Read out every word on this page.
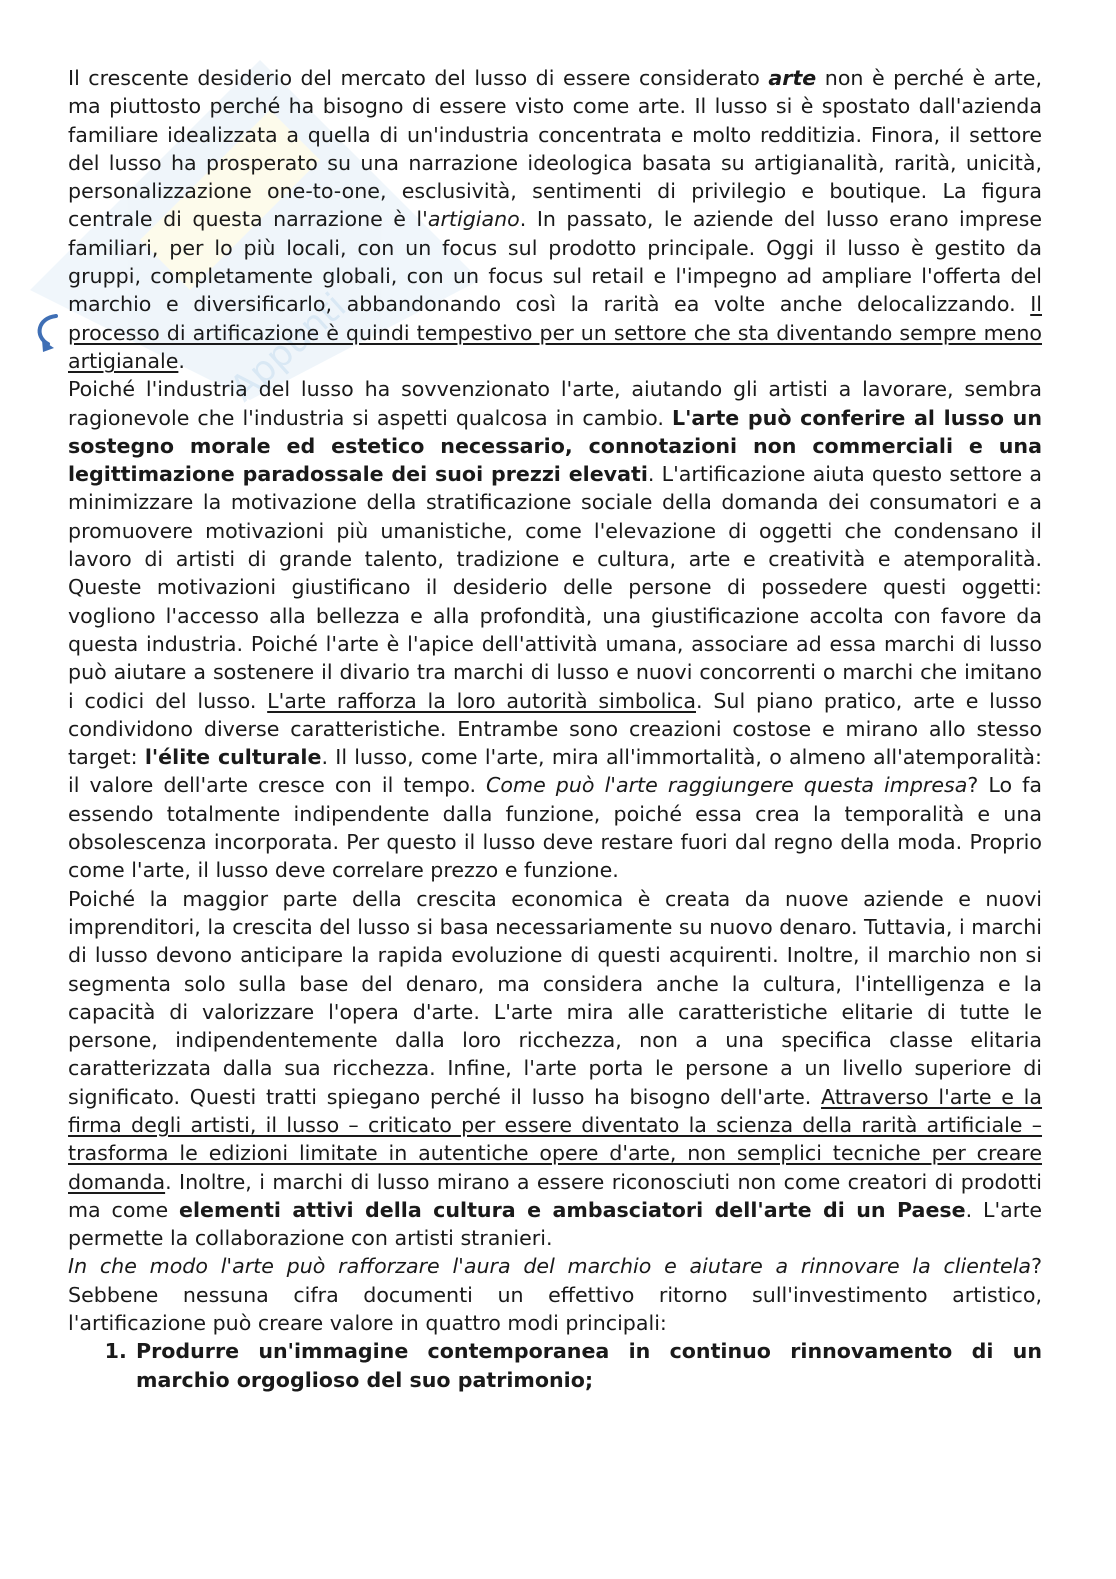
Appunti

Il crescente desiderio del mercato del lusso di essere considerato arte non è perché è arte, ma piuttosto perché ha bisogno di essere visto come arte. Il lusso si è spostato dall'azienda familiare idealizzata a quella di un'industria concentrata e molto redditizia. Finora, il settore del lusso ha prosperato su una narrazione ideologica basata su artigianalità, rarità, unicità, personalizzazione one-to-one, esclusività, sentimenti di privilegio e boutique. La figura centrale di questa narrazione è l'artigiano. In passato, le aziende del lusso erano imprese familiari, per lo più locali, con un focus sul prodotto principale. Oggi il lusso è gestito da gruppi, completamente globali, con un focus sul retail e l'impegno ad ampliare l'offerta del marchio e diversificarlo, abbandonando così la rarità ea volte anche delocalizzando. Il processo di artificazione è quindi tempestivo per un settore che sta diventando sempre meno artigianale.

Poiché l'industria del lusso ha sovvenzionato l'arte, aiutando gli artisti a lavorare, sembra ragionevole che l'industria si aspetti qualcosa in cambio. L'arte può conferire al lusso un sostegno morale ed estetico necessario, connotazioni non commerciali e una legittimazione paradossale dei suoi prezzi elevati. L'artificazione aiuta questo settore a minimizzare la motivazione della stratificazione sociale della domanda dei consumatori e a promuovere motivazioni più umanistiche, come l'elevazione di oggetti che condensano il lavoro di artisti di grande talento, tradizione e cultura, arte e creatività e atemporalità. Queste motivazioni giustificano il desiderio delle persone di possedere questi oggetti: vogliono l'accesso alla bellezza e alla profondità, una giustificazione accolta con favore da questa industria. Poiché l'arte è l'apice dell'attività umana, associare ad essa marchi di lusso può aiutare a sostenere il divario tra marchi di lusso e nuovi concorrenti o marchi che imitano i codici del lusso. L'arte rafforza la loro autorità simbolica. Sul piano pratico, arte e lusso condividono diverse caratteristiche. Entrambe sono creazioni costose e mirano allo stesso target: l'élite culturale. Il lusso, come l'arte, mira all'immortalità, o almeno all'atemporalità: il valore dell'arte cresce con il tempo. Come può l'arte raggiungere questa impresa? Lo fa essendo totalmente indipendente dalla funzione, poiché essa crea la temporalità e una obsolescenza incorporata. Per questo il lusso deve restare fuori dal regno della moda. Proprio come l'arte, il lusso deve correlare prezzo e funzione.

Poiché la maggior parte della crescita economica è creata da nuove aziende e nuovi imprenditori, la crescita del lusso si basa necessariamente su nuovo denaro. Tuttavia, i marchi di lusso devono anticipare la rapida evoluzione di questi acquirenti. Inoltre, il marchio non si segmenta solo sulla base del denaro, ma considera anche la cultura, l'intelligenza e la capacità di valorizzare l'opera d'arte. L'arte mira alle caratteristiche elitarie di tutte le persone, indipendentemente dalla loro ricchezza, non a una specifica classe elitaria caratterizzata dalla sua ricchezza. Infine, l'arte porta le persone a un livello superiore di significato. Questi tratti spiegano perché il lusso ha bisogno dell'arte. Attraverso l'arte e la firma degli artisti, il lusso – criticato per essere diventato la scienza della rarità artificiale – trasforma le edizioni limitate in autentiche opere d'arte, non semplici tecniche per creare domanda. Inoltre, i marchi di lusso mirano a essere riconosciuti non come creatori di prodotti ma come elementi attivi della cultura e ambasciatori dell'arte di un Paese. L'arte permette la collaborazione con artisti stranieri.

In che modo l'arte può rafforzare l'aura del marchio e aiutare a rinnovare la clientela? Sebbene nessuna cifra documenti un effettivo ritorno sull'investimento artistico, l'artificazione può creare valore in quattro modi principali:

1. Produrre un'immagine contemporanea in continuo rinnovamento di un marchio orgoglioso del suo patrimonio;
